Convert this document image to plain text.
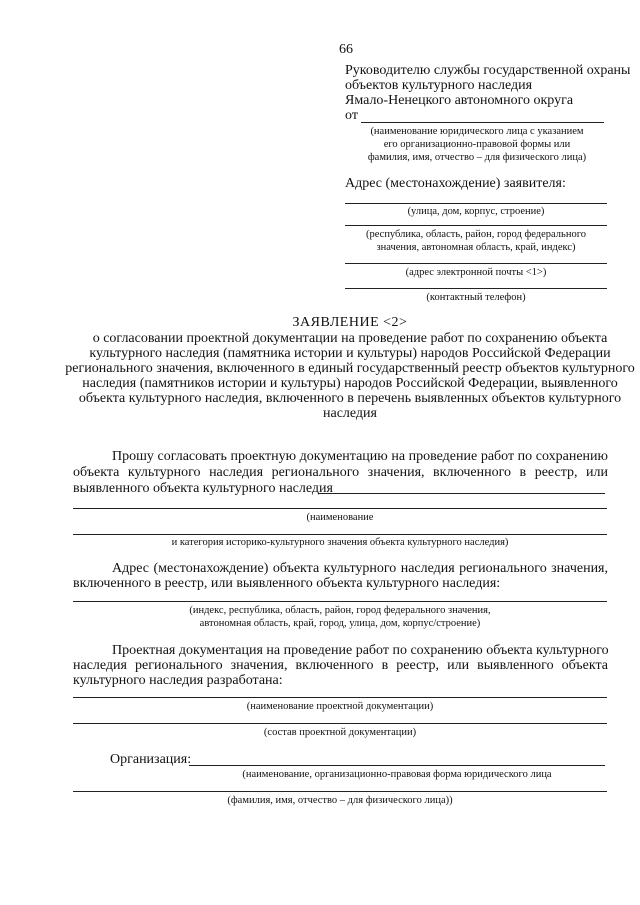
66
Руководителю службы государственной охраны
объектов культурного наследия
Ямало-Ненецкого автономного округа
от
(наименование юридического лица с указанием
его организационно-правовой формы или
фамилия, имя, отчество – для физического лица)
Адрес (местонахождение) заявителя:
(улица, дом, корпус, строение)
(республика, область, район, город федерального
значения, автономная область, край, индекс)
(адрес электронной почты <1>)
(контактный телефон)
ЗАЯВЛЕНИЕ <2>
о согласовании проектной документации на проведение работ по сохранению объекта
культурного наследия (памятника истории и культуры) народов Российской Федерации
регионального значения, включенного в единый государственный реестр объектов культурного
наследия (памятников истории и культуры) народов Российской Федерации, выявленного
объекта культурного наследия, включенного в перечень выявленных объектов культурного
наследия
Прошу согласовать проектную документацию на проведение работ по сохранению
объекта культурного наследия регионального значения, включенного в реестр, или
выявленного объекта культурного наследия
(наименование
и категория историко-культурного значения объекта культурного наследия)
Адрес (местонахождение) объекта культурного наследия регионального значения,
включенного в реестр, или выявленного объекта культурного наследия:
(индекс, республика, область, район, город федерального значения,
автономная область, край, город, улица, дом, корпус/строение)
Проектная документация на проведение работ по сохранению объекта культурного
наследия регионального значения, включенного в реестр, или выявленного объекта
культурного наследия разработана:
(наименование проектной документации)
(состав проектной документации)
Организация:
(наименование, организационно-правовая форма юридического лица
(фамилия, имя, отчество – для физического лица))
